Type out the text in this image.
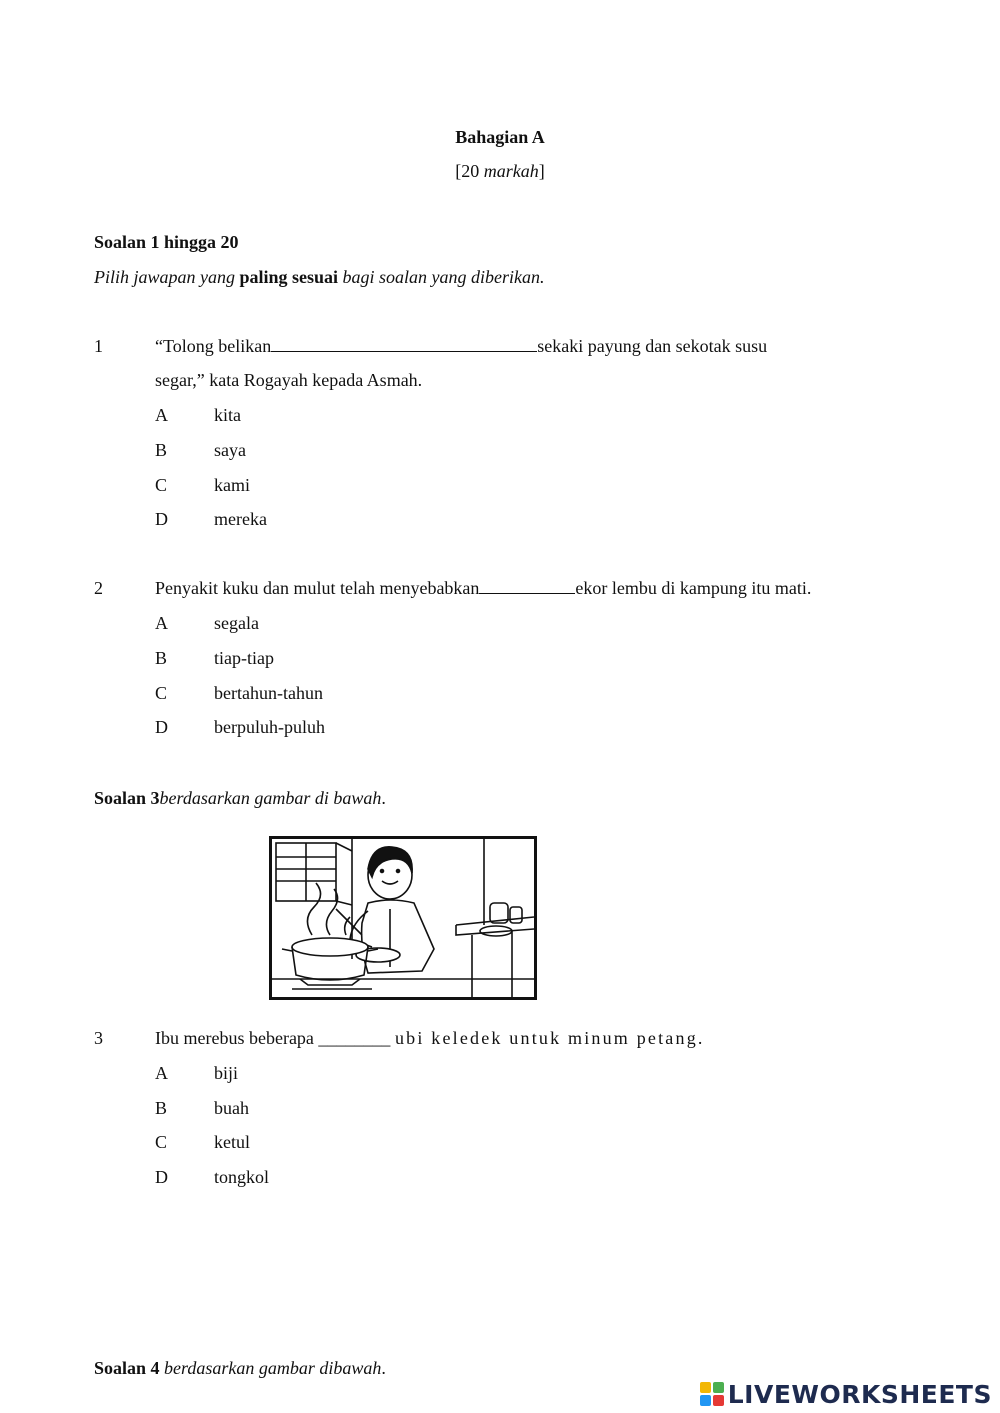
Bahagian A
[20 markah]
Soalan 1 hingga 20
Pilih jawapan yang paling sesuai bagi soalan yang diberikan.
1	“Tolong belikan	sekaki payung dan sekotak susu
segar,” kata Rogayah kepada Asmah.
A	kita
B	saya
C	kami
D	mereka
2	Penyakit kuku dan mulut telah menyebabkan	ekor lembu di kampung itu mati.
A	segala
B	tiap-tiap
C	bertahun-tahun
D	berpuluh-puluh
Soalan 3berdasarkan gambar di bawah.
3	Ibu merebus beberapa ________ ubi keledek untuk minum petang.
A	biji
B	buah
C	ketul
D	tongkol
Soalan 4 berdasarkan gambar dibawah.
LIVEWORKSHEETS
